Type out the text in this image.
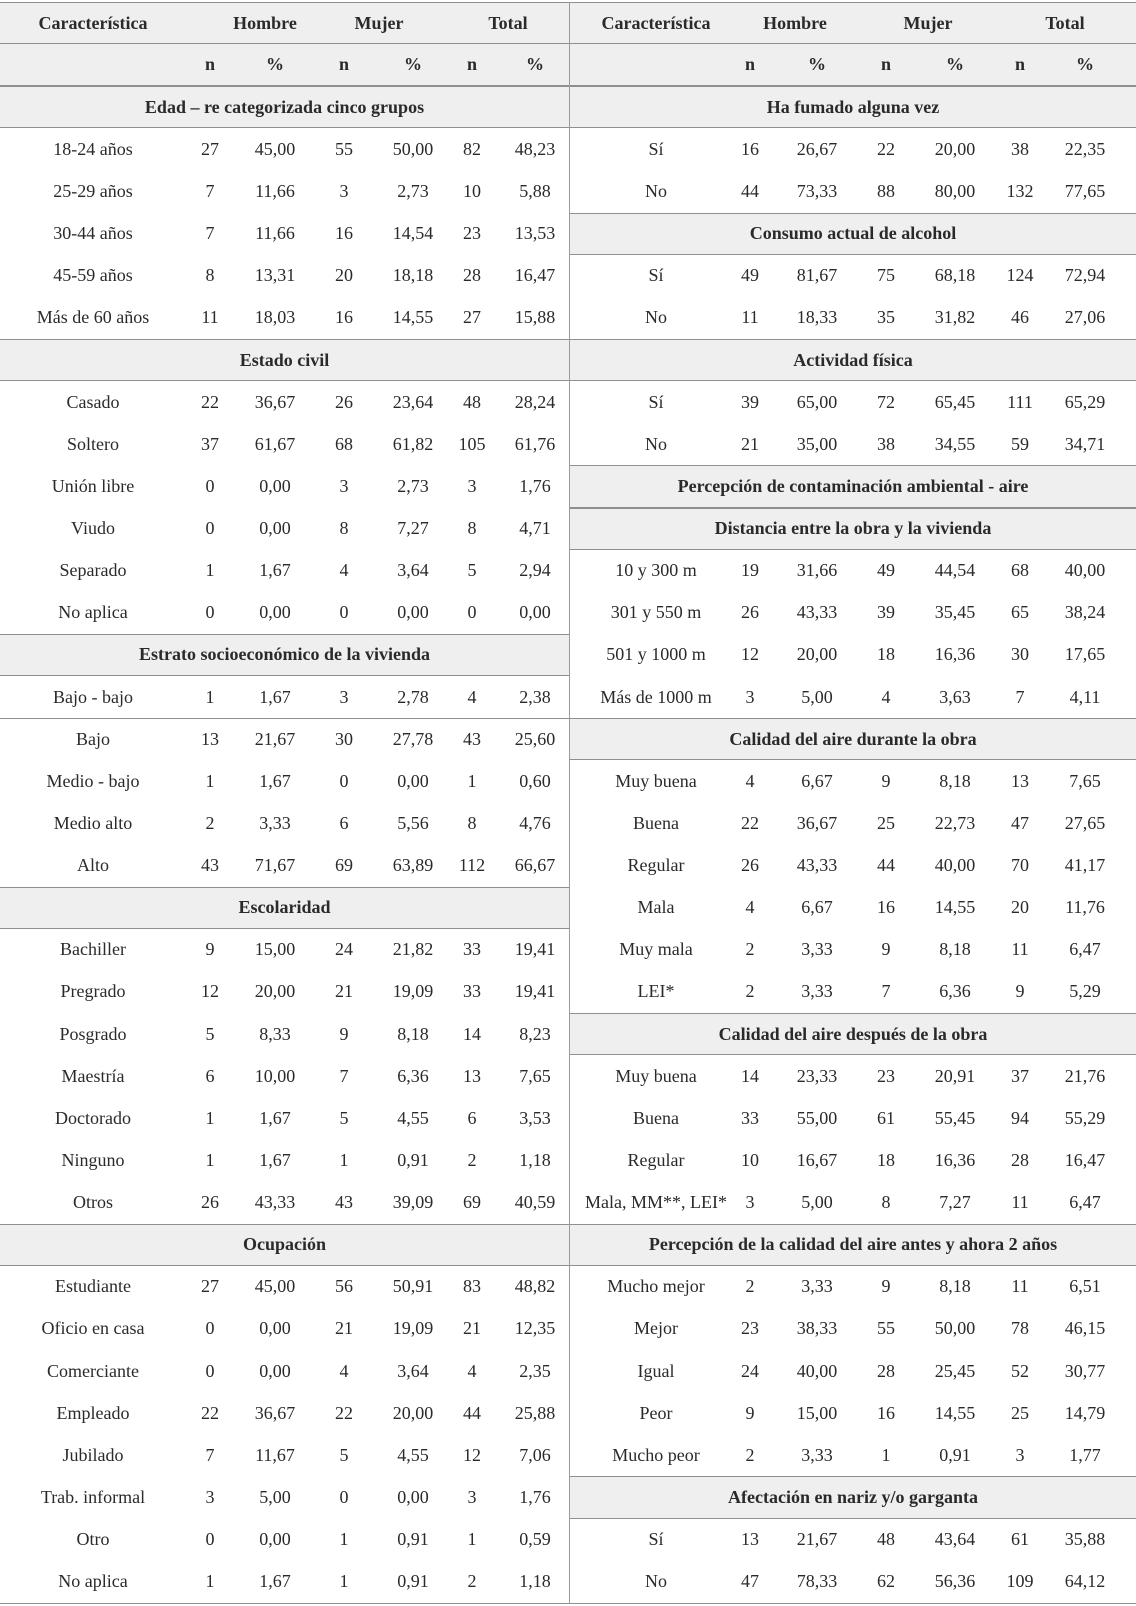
Característica	Hombre	Mujer	Total
n	%	n	%	n	%
Edad – re categorizada cinco grupos
18-24 años	27	45,00	55	50,00	82	48,23
25-29 años	7	11,66	3	2,73	10	5,88
30-44 años	7	11,66	16	14,54	23	13,53
45-59 años	8	13,31	20	18,18	28	16,47
Más de 60 años	11	18,03	16	14,55	27	15,88
Estado civil
Casado	22	36,67	26	23,64	48	28,24
Soltero	37	61,67	68	61,82	105	61,76
Unión libre	0	0,00	3	2,73	3	1,76
Viudo	0	0,00	8	7,27	8	4,71
Separado	1	1,67	4	3,64	5	2,94
No aplica	0	0,00	0	0,00	0	0,00
Estrato socioeconómico de la vivienda
Bajo - bajo	1	1,67	3	2,78	4	2,38
Bajo	13	21,67	30	27,78	43	25,60
Medio - bajo	1	1,67	0	0,00	1	0,60
Medio alto	2	3,33	6	5,56	8	4,76
Alto	43	71,67	69	63,89	112	66,67
Escolaridad
Bachiller	9	15,00	24	21,82	33	19,41
Pregrado	12	20,00	21	19,09	33	19,41
Posgrado	5	8,33	9	8,18	14	8,23
Maestría	6	10,00	7	6,36	13	7,65
Doctorado	1	1,67	5	4,55	6	3,53
Ninguno	1	1,67	1	0,91	2	1,18
Otros	26	43,33	43	39,09	69	40,59
Ocupación
Estudiante	27	45,00	56	50,91	83	48,82
Oficio en casa	0	0,00	21	19,09	21	12,35
Comerciante	0	0,00	4	3,64	4	2,35
Empleado	22	36,67	22	20,00	44	25,88
Jubilado	7	11,67	5	4,55	12	7,06
Trab. informal	3	5,00	0	0,00	3	1,76
Otro	0	0,00	1	0,91	1	0,59
No aplica	1	1,67	1	0,91	2	1,18
Característica	Hombre	Mujer	Total
n	%	n	%	n	%
Ha fumado alguna vez
Sí	16	26,67	22	20,00	38	22,35
No	44	73,33	88	80,00	132	77,65
Consumo actual de alcohol
Sí	49	81,67	75	68,18	124	72,94
No	11	18,33	35	31,82	46	27,06
Actividad física
Sí	39	65,00	72	65,45	111	65,29
No	21	35,00	38	34,55	59	34,71
Percepción de contaminación ambiental - aire
Distancia entre la obra y la vivienda
10 y 300 m	19	31,66	49	44,54	68	40,00
301 y 550 m	26	43,33	39	35,45	65	38,24
501 y 1000 m	12	20,00	18	16,36	30	17,65
Más de 1000 m	3	5,00	4	3,63	7	4,11
Calidad del aire durante la obra
Muy buena	4	6,67	9	8,18	13	7,65
Buena	22	36,67	25	22,73	47	27,65
Regular	26	43,33	44	40,00	70	41,17
Mala	4	6,67	16	14,55	20	11,76
Muy mala	2	3,33	9	8,18	11	6,47
LEI*	2	3,33	7	6,36	9	5,29
Calidad del aire después de la obra
Muy buena	14	23,33	23	20,91	37	21,76
Buena	33	55,00	61	55,45	94	55,29
Regular	10	16,67	18	16,36	28	16,47
Mala, MM**, LEI*	3	5,00	8	7,27	11	6,47
Percepción de la calidad del aire antes y ahora 2 años
Mucho mejor	2	3,33	9	8,18	11	6,51
Mejor	23	38,33	55	50,00	78	46,15
Igual	24	40,00	28	25,45	52	30,77
Peor	9	15,00	16	14,55	25	14,79
Mucho peor	2	3,33	1	0,91	3	1,77
Afectación en nariz y/o garganta
Sí	13	21,67	48	43,64	61	35,88
No	47	78,33	62	56,36	109	64,12
